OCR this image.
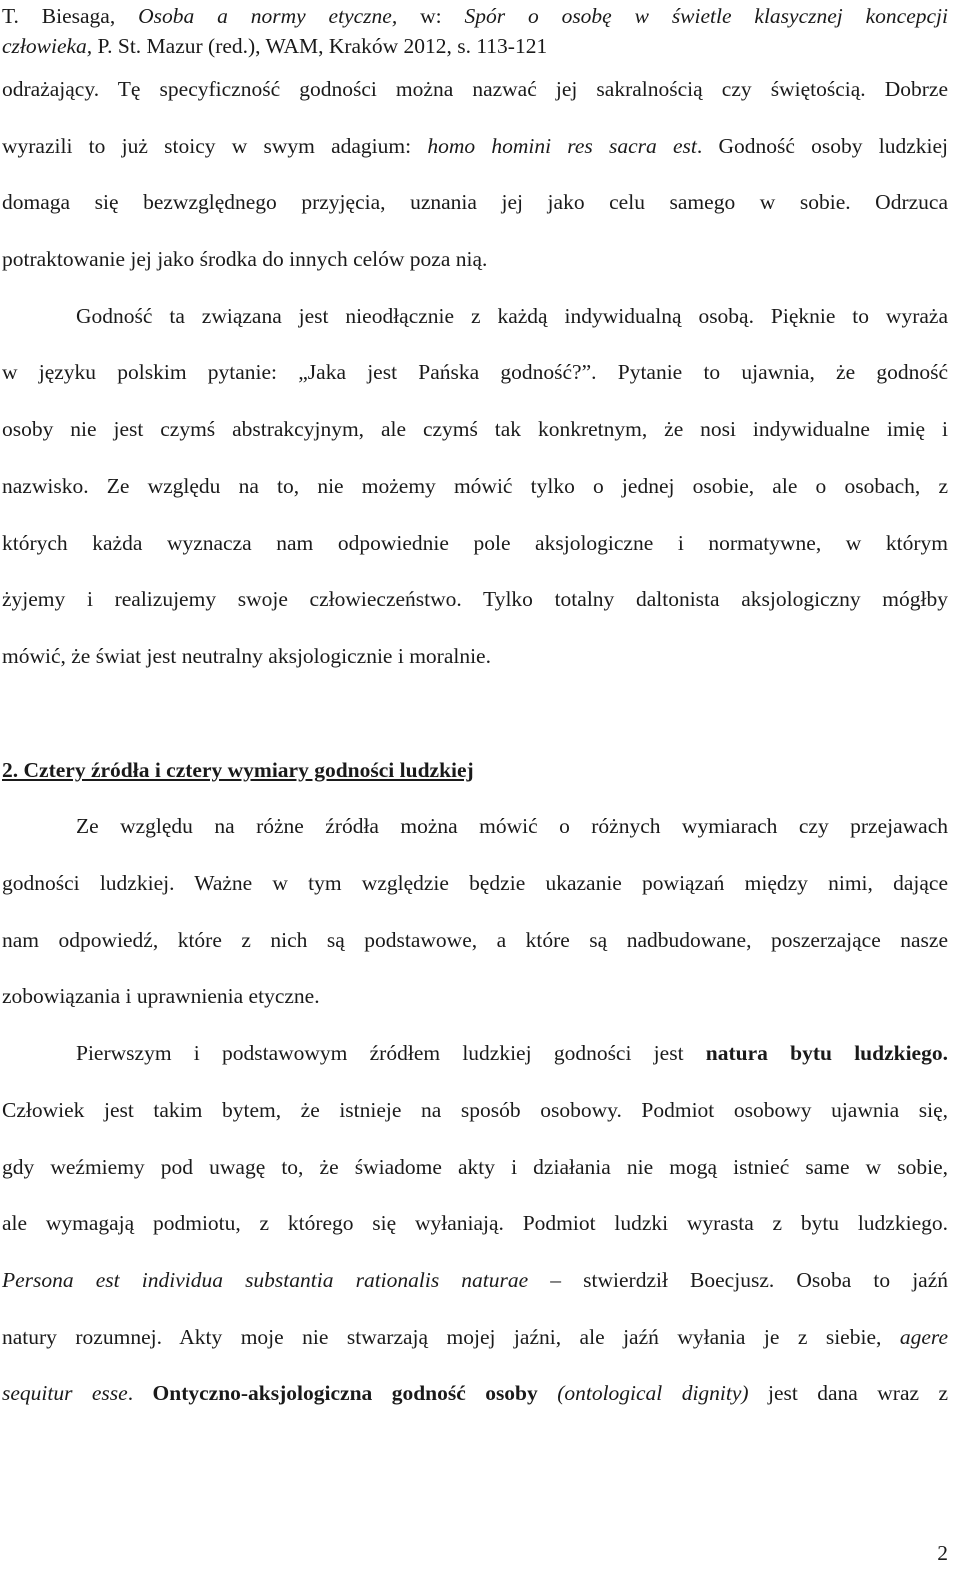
T. Biesaga, Osoba a normy etyczne, w: Spór o osobę w świetle klasycznej koncepcji
człowieka, P. St. Mazur (red.), WAM, Kraków 2012, s. 113-121
odrażający. Tę specyficzność godności można nazwać jej sakralnością czy świętością. Dobrze
wyrazili to już stoicy w swym adagium: homo homini res sacra est. Godność osoby ludzkiej
domaga się bezwzględnego przyjęcia, uznania jej jako celu samego w sobie. Odrzuca
potraktowanie jej jako środka do innych celów poza nią.
Godność ta związana jest nieodłącznie z każdą indywidualną osobą. Pięknie to wyraża
w języku polskim pytanie: „Jaka jest Pańska godność?”. Pytanie to ujawnia, że godność
osoby nie jest czymś abstrakcyjnym, ale czymś tak konkretnym, że nosi indywidualne imię i
nazwisko. Ze względu na to, nie możemy mówić tylko o jednej osobie, ale o osobach, z
których każda wyznacza nam odpowiednie pole aksjologiczne i normatywne, w którym
żyjemy i realizujemy swoje człowieczeństwo. Tylko totalny daltonista aksjologiczny mógłby
mówić, że świat jest neutralny aksjologicznie i moralnie.
2. Cztery źródła i cztery wymiary godności ludzkiej
Ze względu na różne źródła można mówić o różnych wymiarach czy przejawach
godności ludzkiej. Ważne w tym względzie będzie ukazanie powiązań między nimi, dające
nam odpowiedź, które z nich są podstawowe, a które są nadbudowane, poszerzające nasze
zobowiązania i uprawnienia etyczne.
Pierwszym i podstawowym źródłem ludzkiej godności jest natura bytu ludzkiego.
Człowiek jest takim bytem, że istnieje na sposób osobowy. Podmiot osobowy ujawnia się,
gdy weźmiemy pod uwagę to, że świadome akty i działania nie mogą istnieć same w sobie,
ale wymagają podmiotu, z którego się wyłaniają. Podmiot ludzki wyrasta z bytu ludzkiego.
Persona est individua substantia rationalis naturae – stwierdził Boecjusz. Osoba to jaźń
natury rozumnej. Akty moje nie stwarzają mojej jaźni, ale jaźń wyłania je z siebie, agere
sequitur esse. Ontyczno-aksjologiczna godność osoby (ontological dignity) jest dana wraz z
2
